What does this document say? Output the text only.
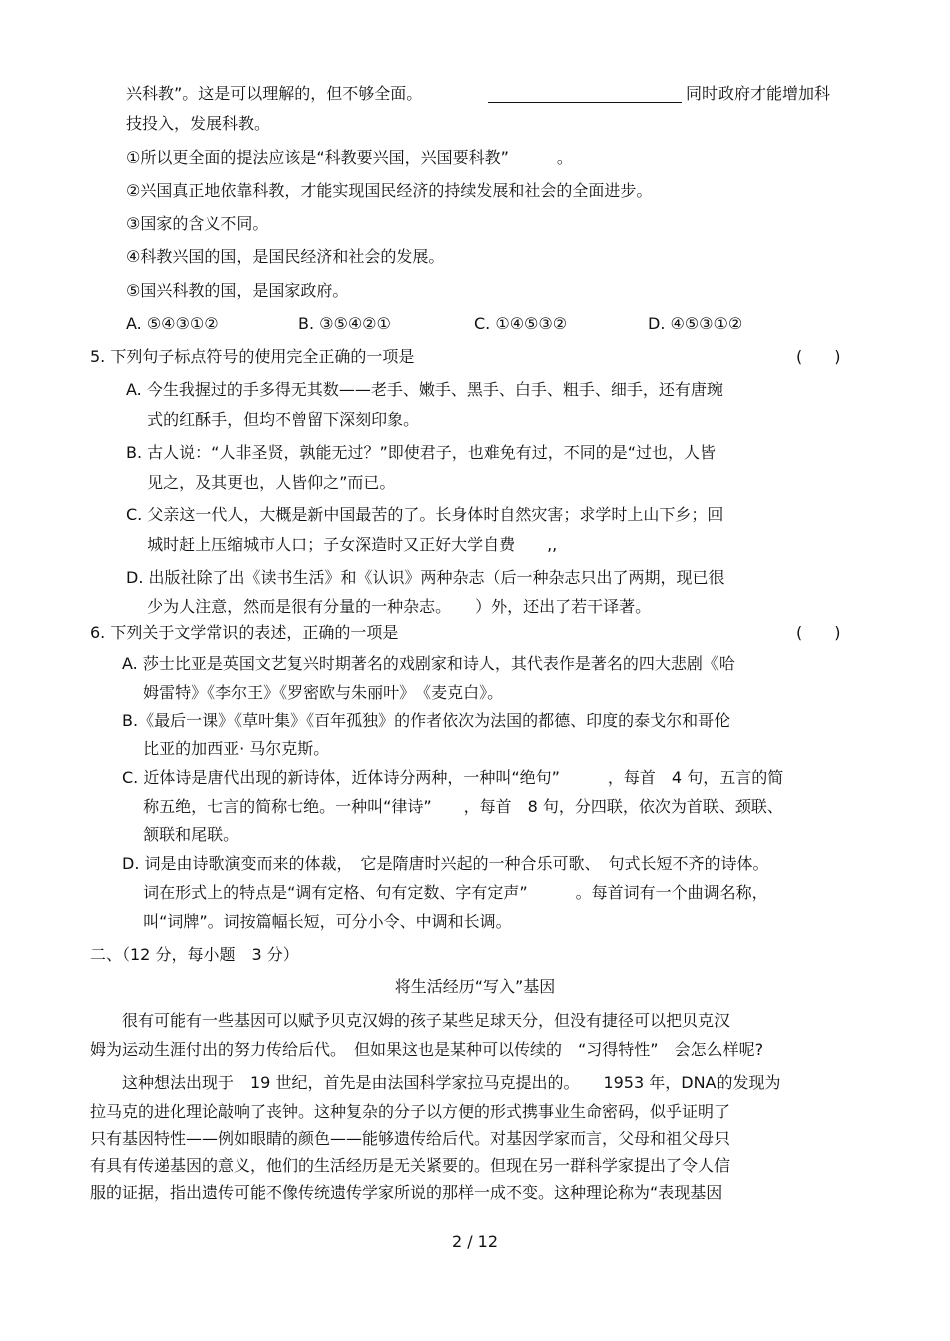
兴科教”。这是可以理解的，但不够全面。	同时政府才能增加科
技投入，发展科教。
①所以更全面的提法应该是“科教要兴国，兴国要科教”　　　。
②兴国真正地依靠科教，才能实现国民经济的持续发展和社会的全面进步。
③国家的含义不同。
④科教兴国的国，是国民经济和社会的发展。
⑤国兴科教的国，是国家政府。
A. ⑤④③①②	B. ③⑤④②①	C. ①④⑤③②	D. ④⑤③①②
5. 下列句子标点符号的使用完全正确的一项是	(　　)
A. 今生我握过的手多得无其数——老手、嫩手、黑手、白手、粗手、细手，还有唐琬
　 式的红酥手，但均不曾留下深刻印象。
B. 古人说：“人非圣贤，孰能无过？”即使君子，也难免有过，不同的是“过也，人皆
　 见之，及其更也，人皆仰之”而已。
C. 父亲这一代人，大概是新中国最苦的了。长身体时自然灾害；求学时上山下乡；回
　 城时赶上压缩城市人口；子女深造时又正好大学自费　　,,
D. 出版社除了出《读书生活》和《认识》两种杂志（后一种杂志只出了两期，现已很
　 少为人注意，然而是很有分量的一种杂志。　　）外，还出了若干译著。
6. 下列关于文学常识的表述，正确的一项是	(　　)
A. 莎士比亚是英国文艺复兴时期著名的戏剧家和诗人，其代表作是著名的四大悲剧《哈
　 姆雷特》《李尔王》《罗密欧与朱丽叶》　《麦克白》。
B.《最后一课》《草叶集》《百年孤独》的作者依次为法国的都德、印度的泰戈尔和哥伦
　 比亚的加西亚· 马尔克斯。
C. 近体诗是唐代出现的新诗体，近体诗分两种，一种叫“绝句”　　　，每首　4 句，五言的简
　 称五绝，七言的简称七绝。一种叫“律诗”　　，每首　8 句，分四联，依次为首联、颈联、
　 颔联和尾联。
D. 词是由诗歌演变而来的体裁，　它是隋唐时兴起的一种合乐可歌、　句式长短不齐的诗体。
　 词在形式上的特点是“调有定格、句有定数、字有定声”　　　。每首词有一个曲调名称，
　 叫“词牌”。词按篇幅长短，可分小令、中调和长调。
二、（12 分，每小题　3 分）
将生活经历“写入”基因
　　很有可能有一些基因可以赋予贝克汉姆的孩子某些足球天分，但没有捷径可以把贝克汉
姆为运动生涯付出的努力传给后代。　但如果这也是某种可以传续的　“习得特性”　会怎么样呢?
　　这种想法出现于　19 世纪，首先是由法国科学家拉马克提出的。　　1953 年，DNA的发现为
拉马克的进化理论敲响了丧钟。这种复杂的分子以方便的形式携事业生命密码，似乎证明了
只有基因特性——例如眼睛的颜色——能够遗传给后代。对基因学家而言，父母和祖父母只
有具有传递基因的意义，他们的生活经历是无关紧要的。但现在另一群科学家提出了令人信
服的证据，指出遗传可能不像传统遗传学家所说的那样一成不变。这种理论称为“表现基因
2 / 12
